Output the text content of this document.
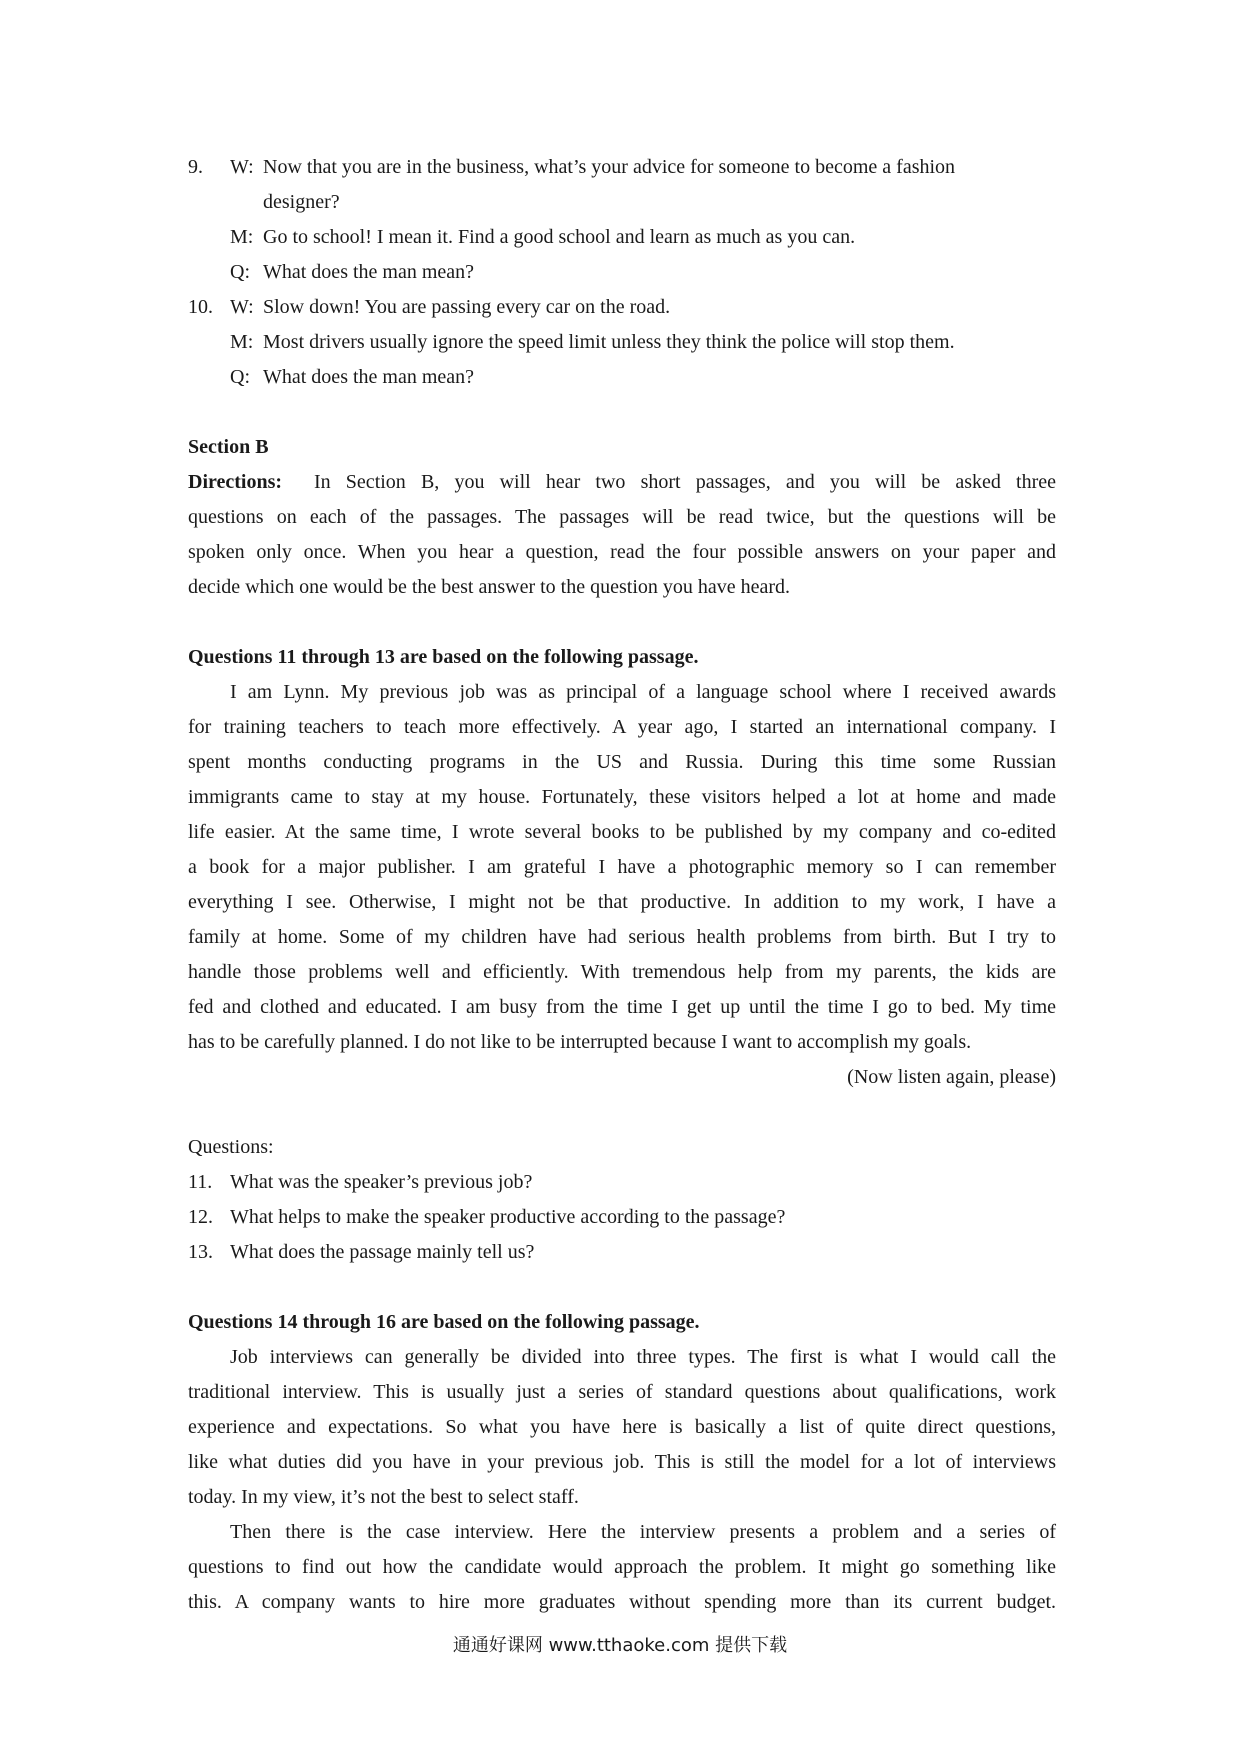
9. W: Now that you are in the business, what’s your advice for someone to become a fashion
designer?
M: Go to school! I mean it. Find a good school and learn as much as you can.
Q: What does the man mean?
10. W: Slow down! You are passing every car on the road.
M: Most drivers usually ignore the speed limit unless they think the police will stop them.
Q: What does the man mean?
Section B
Directions: In Section B, you will hear two short passages, and you will be asked three
questions on each of the passages. The passages will be read twice, but the questions will be
spoken only once. When you hear a question, read the four possible answers on your paper and
decide which one would be the best answer to the question you have heard.
Questions 11 through 13 are based on the following passage.
I am Lynn. My previous job was as principal of a language school where I received awards
for training teachers to teach more effectively. A year ago, I started an international company. I
spent months conducting programs in the US and Russia. During this time some Russian
immigrants came to stay at my house. Fortunately, these visitors helped a lot at home and made
life easier. At the same time, I wrote several books to be published by my company and co-edited
a book for a major publisher. I am grateful I have a photographic memory so I can remember
everything I see. Otherwise, I might not be that productive. In addition to my work, I have a
family at home. Some of my children have had serious health problems from birth. But I try to
handle those problems well and efficiently. With tremendous help from my parents, the kids are
fed and clothed and educated. I am busy from the time I get up until the time I go to bed. My time
has to be carefully planned. I do not like to be interrupted because I want to accomplish my goals.
(Now listen again, please)
Questions:
11. What was the speaker’s previous job?
12. What helps to make the speaker productive according to the passage?
13. What does the passage mainly tell us?
Questions 14 through 16 are based on the following passage.
Job interviews can generally be divided into three types. The first is what I would call the
traditional interview. This is usually just a series of standard questions about qualifications, work
experience and expectations. So what you have here is basically a list of quite direct questions,
like what duties did you have in your previous job. This is still the model for a lot of interviews
today. In my view, it’s not the best to select staff.
Then there is the case interview. Here the interview presents a problem and a series of
questions to find out how the candidate would approach the problem. It might go something like
this. A company wants to hire more graduates without spending more than its current budget.
通通好课网 www.tthaoke.com 提供下载
